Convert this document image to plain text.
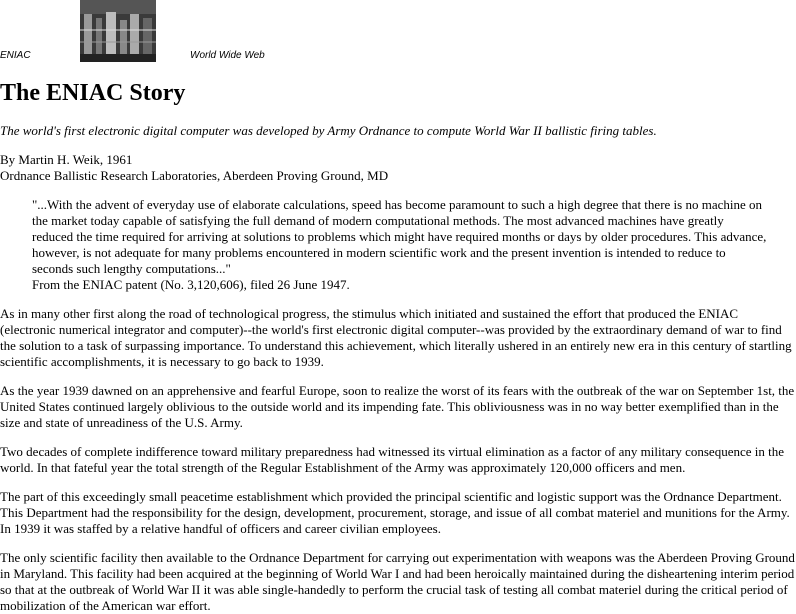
ENIAC	World Wide Web
The ENIAC Story

The world's first electronic digital computer was developed by Army Ordnance to compute World War II ballistic firing tables.

By Martin H. Weik, 1961
Ordnance Ballistic Research Laboratories, Aberdeen Proving Ground, MD

"...With the advent of everyday use of elaborate calculations, speed has become paramount to such a high degree that there is no machine on the market today capable of satisfying the full demand of modern computational methods. The most advanced machines have greatly reduced the time required for arriving at solutions to problems which might have required months or days by older procedures. This advance, however, is not adequate for many problems encountered in modern scientific work and the present invention is intended to reduce to seconds such lengthy computations..."
From the ENIAC patent (No. 3,120,606), filed 26 June 1947.

As in many other first along the road of technological progress, the stimulus which initiated and sustained the effort that produced the ENIAC (electronic numerical integrator and computer)--the world's first electronic digital computer--was provided by the extraordinary demand of war to find the solution to a task of surpassing importance. To understand this achievement, which literally ushered in an entirely new era in this century of startling scientific accomplishments, it is necessary to go back to 1939.

As the year 1939 dawned on an apprehensive and fearful Europe, soon to realize the worst of its fears with the outbreak of the war on September 1st, the United States continued largely oblivious to the outside world and its impending fate. This obliviousness was in no way better exemplified than in the size and state of unreadiness of the U.S. Army.

Two decades of complete indifference toward military preparedness had witnessed its virtual elimination as a factor of any military consequence in the world. In that fateful year the total strength of the Regular Establishment of the Army was approximately 120,000 officers and men.

The part of this exceedingly small peacetime establishment which provided the principal scientific and logistic support was the Ordnance Department. This Department had the responsibility for the design, development, procurement, storage, and issue of all combat materiel and munitions for the Army. In 1939 it was staffed by a relative handful of officers and career civilian employees.

The only scientific facility then available to the Ordnance Department for carrying out experimentation with weapons was the Aberdeen Proving Ground in Maryland. This facility had been acquired at the beginning of World War I and had been heroically maintained during the disheartening interim period so that at the outbreak of World War II it was able single-handedly to perform the crucial task of testing all combat materiel during the critical period of mobilization of the American war effort.
